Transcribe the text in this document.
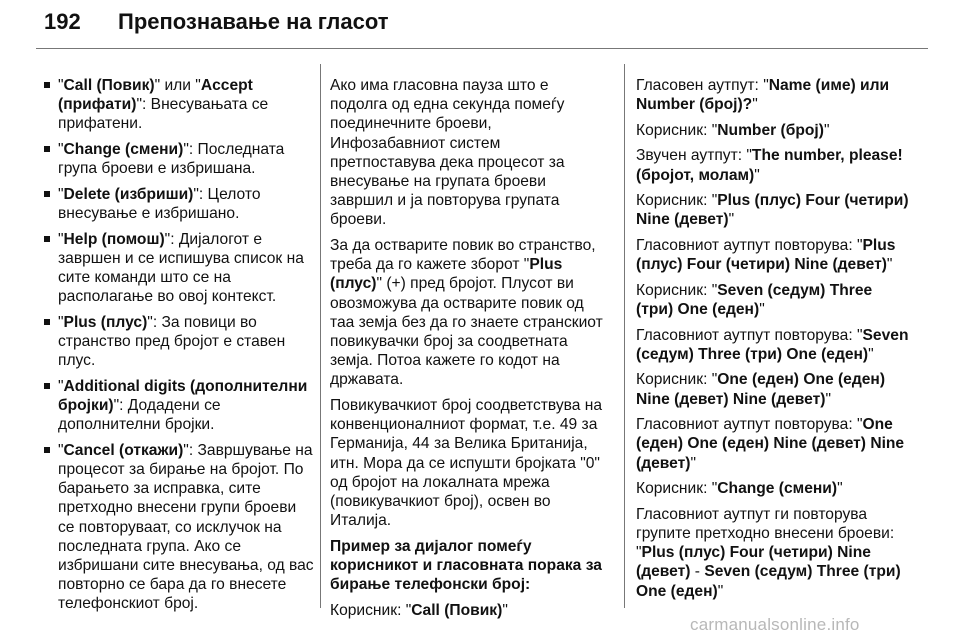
192 Препознавање на гласот
"Call (Повик)" или "Accept (прифати)": Внесувањата се прифатени.
"Change (смени)": Последната група броеви е избришана.
"Delete (избриши)": Целото внесување е избришано.
"Help (помош)": Дијалогот е завршен и се испишува список на сите команди што се на располагање во овој контекст.
"Plus (плус)": За повици во странство пред бројот е ставен плус.
"Additional digits (дополнителни бројки)": Додадени се дополнителни бројки.
"Cancel (откажи)": Завршување на процесот за бирање на бројот. По барањето за исправка, сите претходно внесени групи броеви се повторуваат, со исклучок на последната група. Ако се избришани сите внесувања, од вас повторно се бара да го внесете телефонскиот број.

Ако има гласовна пауза што е подолга од една секунда помеѓу поединечните броеви, Инфозабавниот систем претпоставува дека процесот за внесување на групата броеви завршил и ја повторува групата броеви.

За да остварите повик во странство, треба да го кажете зборот "Plus (плус)" (+) пред бројот. Плусот ви овозможува да остварите повик од таа земја без да го знаете странскиот повикувачки број за соодветната земја. Потоа кажете го кодот на државата.

Повикувачкиот број соодветствува на конвенционалниот формат, т.е. 49 за Германија, 44 за Велика Британија, итн. Мора да се испушти бројката "0" од бројот на локалната мрежа (повикувачкиот број), освен во Италија.

Пример за дијалог помеѓу корисникот и гласовната порака за бирање телефонски број:

Корисник: "Call (Повик)"

Гласовен аутпут: "Name (име) или Number (број)?"

Корисник: "Number (број)"

Звучен аутпут: "The number, please! (бројот, молам)"

Корисник: "Plus (плус) Four (четири) Nine (девет)"

Гласовниот аутпут повторува: "Plus (плус) Four (четири) Nine (девет)"

Корисник: "Seven (седум) Three (три) One (еден)"

Гласовниот аутпут повторува: "Seven (седум) Three (три) One (еден)"

Корисник: "One (еден) One (еден) Nine (девет) Nine (девет)"

Гласовниот аутпут повторува: "One (еден) One (еден) Nine (девет) Nine (девет)"

Корисник: "Change (смени)"

Гласовниот аутпут ги повторува групите претходно внесени броеви: "Plus (плус) Four (четири) Nine (девет) - Seven (седум) Three (три) One (еден)"

carmanualsonline.info
